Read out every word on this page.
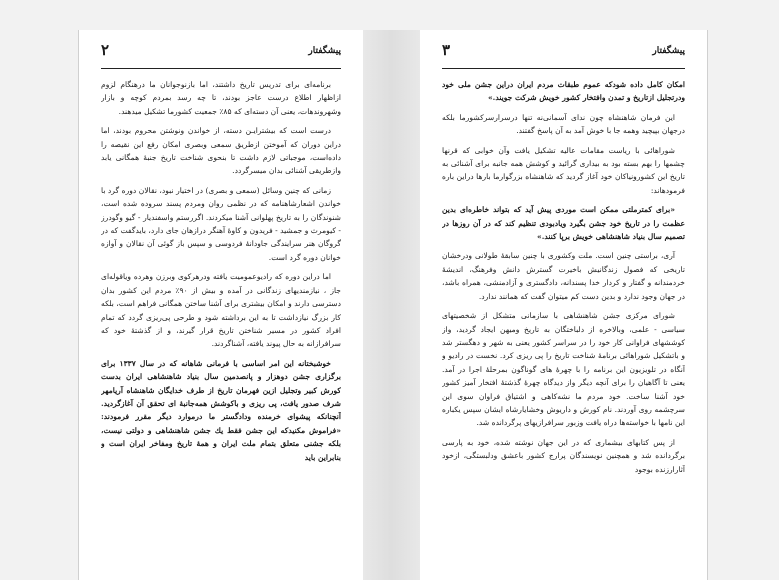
پیشگفتار
۲

برنامه‌ای برای تدریس تاریخ داشتند، اما بازنوجوانان ما درهنگام لزوم ازاظهار اطلاع درست عاجز بودند، تا چه رسد بمردم کوچه و بازار وشهروندهات، یعنی آن دسته‌ای که ۸۵٪ جمعیت کشورما تشکیل میدهند.

درست است که بیشترایـن دسته، از خواندن ونوشتن محروم بودند، اما دراین دوران که آموختن ازطریق سمعی وبصری امکان رفع این نقیصه را داده‌است، موجباتی لازم داشت تا بنحوی شناخت تاریخ جنبۀ همگانی یابد وازطریقی آشنائی بدان میسرگردد.

زمانی که چنین وسائل (سمعی و بصری) در اختیار نبود، نقالان دوره گرد با خواندن اشعارشاهنامه که در نظمی روان ومردم پسند سروده شده است، شنوندگان را به تاریخ پهلوانی آشنا میکردند. اگررستم واسفندیار - گیو وگودرز - کیومرث و جمشید - فریدون و کاوۀ آهنگر درازهان جای دارد، بایدگفت که در گروگان هنر سرایندگی جاودانۀ فردوسی و سپس باز گوئی آن نقالان و آوازه خوانان دوره گرد است.

اما دراین دوره که رادیوعمومیت یافته ودرهرکوی وبرزن وهرده ویاقوله‌ای جاز ، نیازمندیهای زندگانی در آمده و بیش از ۹۰٪ مردم این کشور بدان دسترسی دارند و امکان بیشتری برای آشنا ساختن همگانی فراهم است، بلکه کار بزرگ نیازداشت تا به این برداشته شود و طرحی پی‌ریزی گردد که تمام افراد کشور در مسیر شناختن تاریخ قرار گیرند، و از گذشتۀ خود که سرافرازانه به حال پیوند یافته، آشناگردند.

خوشبختانه این امر اساسی با فرمانی شاهانه که در سال ۱۳۳۷ برای برگزاری جشن دوهزار و پانصدمین سال بنیاد شاهنشاهی ایران بدست کورش کبیر وتجلیل ازین فهرمان تاریخ از طرف خدایگان شاهنشاه آریامهر شرف صدور یافت، پی ریزی و باکوشش همه‌جانبۀ ای تحقق آن آغازگردید. آنچنانکه پیشوای خرمنده ودادگستر ما درموارد دیگر مقرر فرمودند: «فراموش مکنیدکه این جشن فقط یك جشن شاهنشاهی و دولتی نیست، بلکه جشنی متعلق بتمام ملت ایران و همۀ تاریخ ومفاخر ایران است و بنابراین باید

پیشگفتار
۳

امکان کامل داده شودکه عموم طبقات مردم ایران دراین جشن ملی خود ودرتجلیل ازتاریخ و تمدن وافتخار کشور خویش شرکت جویند.»

این فرمان شاهنشاه چون ندای آسمانی‌نه تنها درسرارسرکشورما بلکه درجهان بپیچید وهمه جا با خوش آمد به آن پاسخ گفتند.

شوراهائی با ریاست مقامات عالیه تشکیل یافت وآن خوابی که قرنها چشمها را بهم بسته بود به بیداری گرائید و کوشش همه جانبه برای آشنائی به تاریخ این کشورونیاکان خود آغاز گردید که شاهنشاه بزرگوارما بارها دراین باره فرمودهاند:

«برای کمترملتی ممکن است موردی پیش آید که بتواند خاطره‌ای بدین عظمت را در تاریخ خود جشن بگیرد ویادبودی تنظیم کند که در آن روزها در تصمیم سال بنیاد شاهنشاهی خویش برپا کنند.»

آری، براستی چنین است. ملت وکشوری با چنین سابقۀ طولانی ودرخشان تاریخی که فصول زندگانیش باخیرت گسترش دانش وفرهنگ، اندیشۀ خردمندانه و گفتار و کردار خدا پسندانه، دادگستری و آزادمنشی، همراه باشد، در جهان وجود ندارد و بدین دست کم میتوان گفت که همانند ندارد.

شورای مرکزی جشن شاهنشاهی با سازمانی متشکل از شخصیتهای سیاسی - علمی، وبالاخره از دلباختگان به تاریخ ومیهن ایجاد گردید، واز کوششهای فراوانی کار خود را در سراسر کشور یعنی به شهر و دهگستر شد و باتشکیل شوراهائی برنامۀ شناخت تاریخ را پی ریزی کرد. نخست در رادیو و آنگاه در تلویزیون این برنامه را با چهرۀ های گوناگون بمرحلۀ اجرا در آمد. یعنی تا آگاهیان را برای آنچه دیگر واز دیدگاه چهرۀ گذشتۀ افتخار آمیز کشور خود آشنا ساخت. خود مردم ما نشه‌کاهی و اشتیاق فراوان سوی این سرچشمه روی آوردند. نام کورش و داریوش وخشایارشاه ایشان سپس یکباره این نامها با خواسته‌ها دراه یافت وزبور سرافرازیهای پرگردانده شد.

از پس کتابهای بیشماری که در این جهان نوشته شده، خود به پارسی برگردانده شد و همچنین نویسندگان پرارج کشور باعشق ودلبستگی، ازخود آثارارزنده بوجود
